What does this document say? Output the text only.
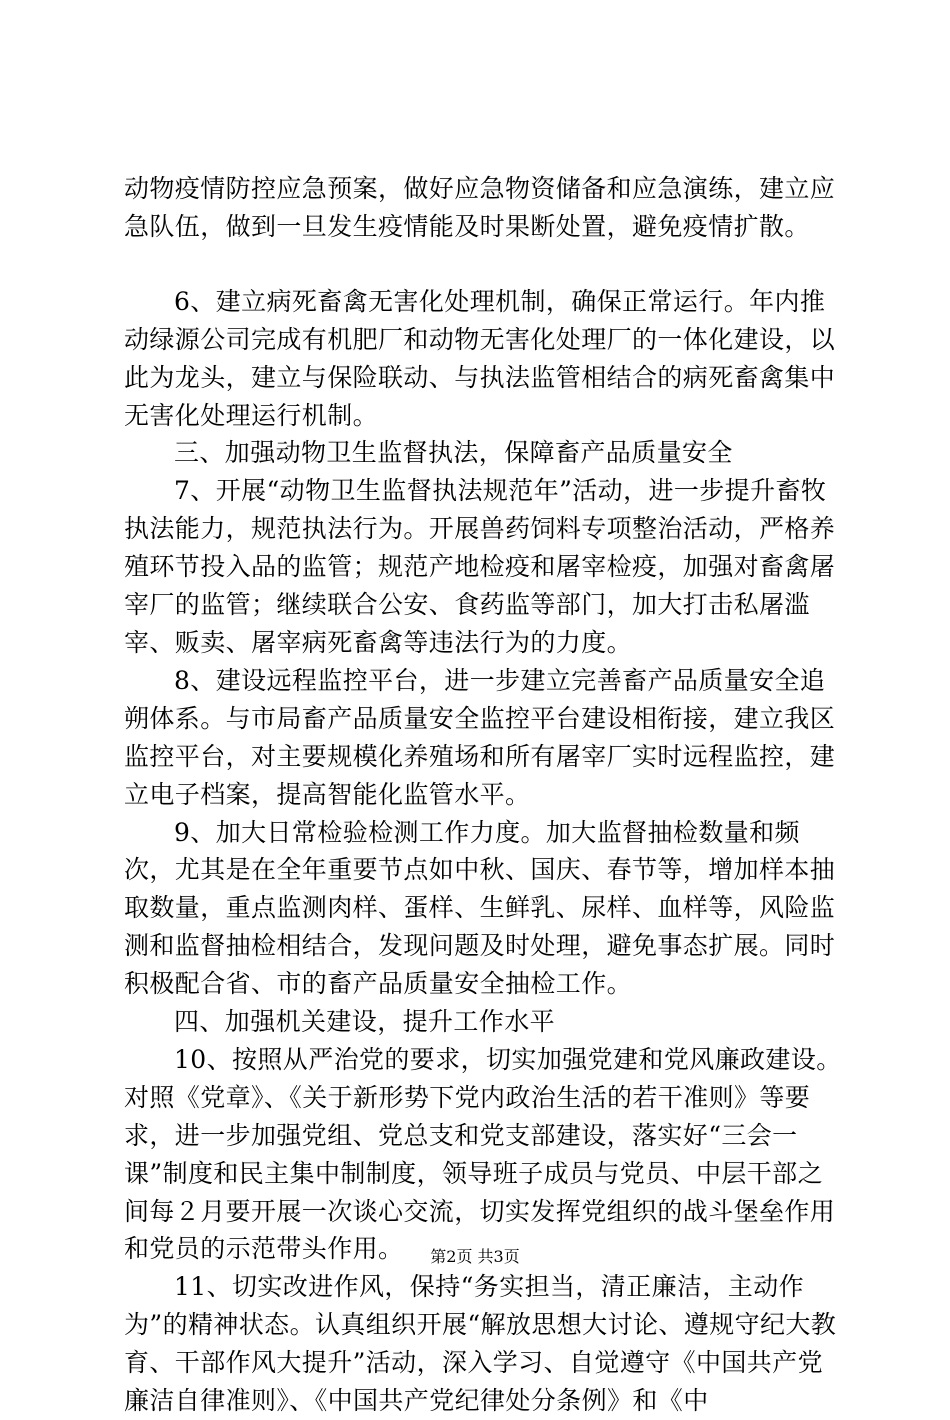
动物疫情防控应急预案，做好应急物资储备和应急演练，建立应急队伍，做到一旦发生疫情能及时果断处置，避免疫情扩散。

6、建立病死畜禽无害化处理机制，确保正常运行。年内推动绿源公司完成有机肥厂和动物无害化处理厂的一体化建设，以此为龙头，建立与保险联动、与执法监管相结合的病死畜禽集中无害化处理运行机制。

三、加强动物卫生监督执法，保障畜产品质量安全

7、开展“动物卫生监督执法规范年”活动，进一步提升畜牧执法能力，规范执法行为。开展兽药饲料专项整治活动，严格养殖环节投入品的监管；规范产地检疫和屠宰检疫，加强对畜禽屠宰厂的监管；继续联合公安、食药监等部门，加大打击私屠滥宰、贩卖、屠宰病死畜禽等违法行为的力度。

8、建设远程监控平台，进一步建立完善畜产品质量安全追朔体系。与市局畜产品质量安全监控平台建设相衔接，建立我区监控平台，对主要规模化养殖场和所有屠宰厂实时远程监控，建立电子档案，提高智能化监管水平。

9、加大日常检验检测工作力度。加大监督抽检数量和频次，尤其是在全年重要节点如中秋、国庆、春节等，增加样本抽取数量，重点监测肉样、蛋样、生鲜乳、尿样、血样等，风险监测和监督抽检相结合，发现问题及时处理，避免事态扩展。同时积极配合省、市的畜产品质量安全抽检工作。

四、加强机关建设，提升工作水平

10、按照从严治党的要求，切实加强党建和党风廉政建设。对照《党章》、《关于新形势下党内政治生活的若干准则》等要求，进一步加强党组、党总支和党支部建设，落实好“三会一课”制度和民主集中制制度，领导班子成员与党员、中层干部之间每２月要开展一次谈心交流，切实发挥党组织的战斗堡垒作用和党员的示范带头作用。

11、切实改进作风，保持“务实担当，清正廉洁，主动作为”的精神状态。认真组织开展“解放思想大讨论、遵规守纪大教育、干部作风大提升”活动，深入学习、自觉遵守《中国共产党廉洁自律准则》、《中国共产党纪律处分条例》和《中

第2页 共3页
